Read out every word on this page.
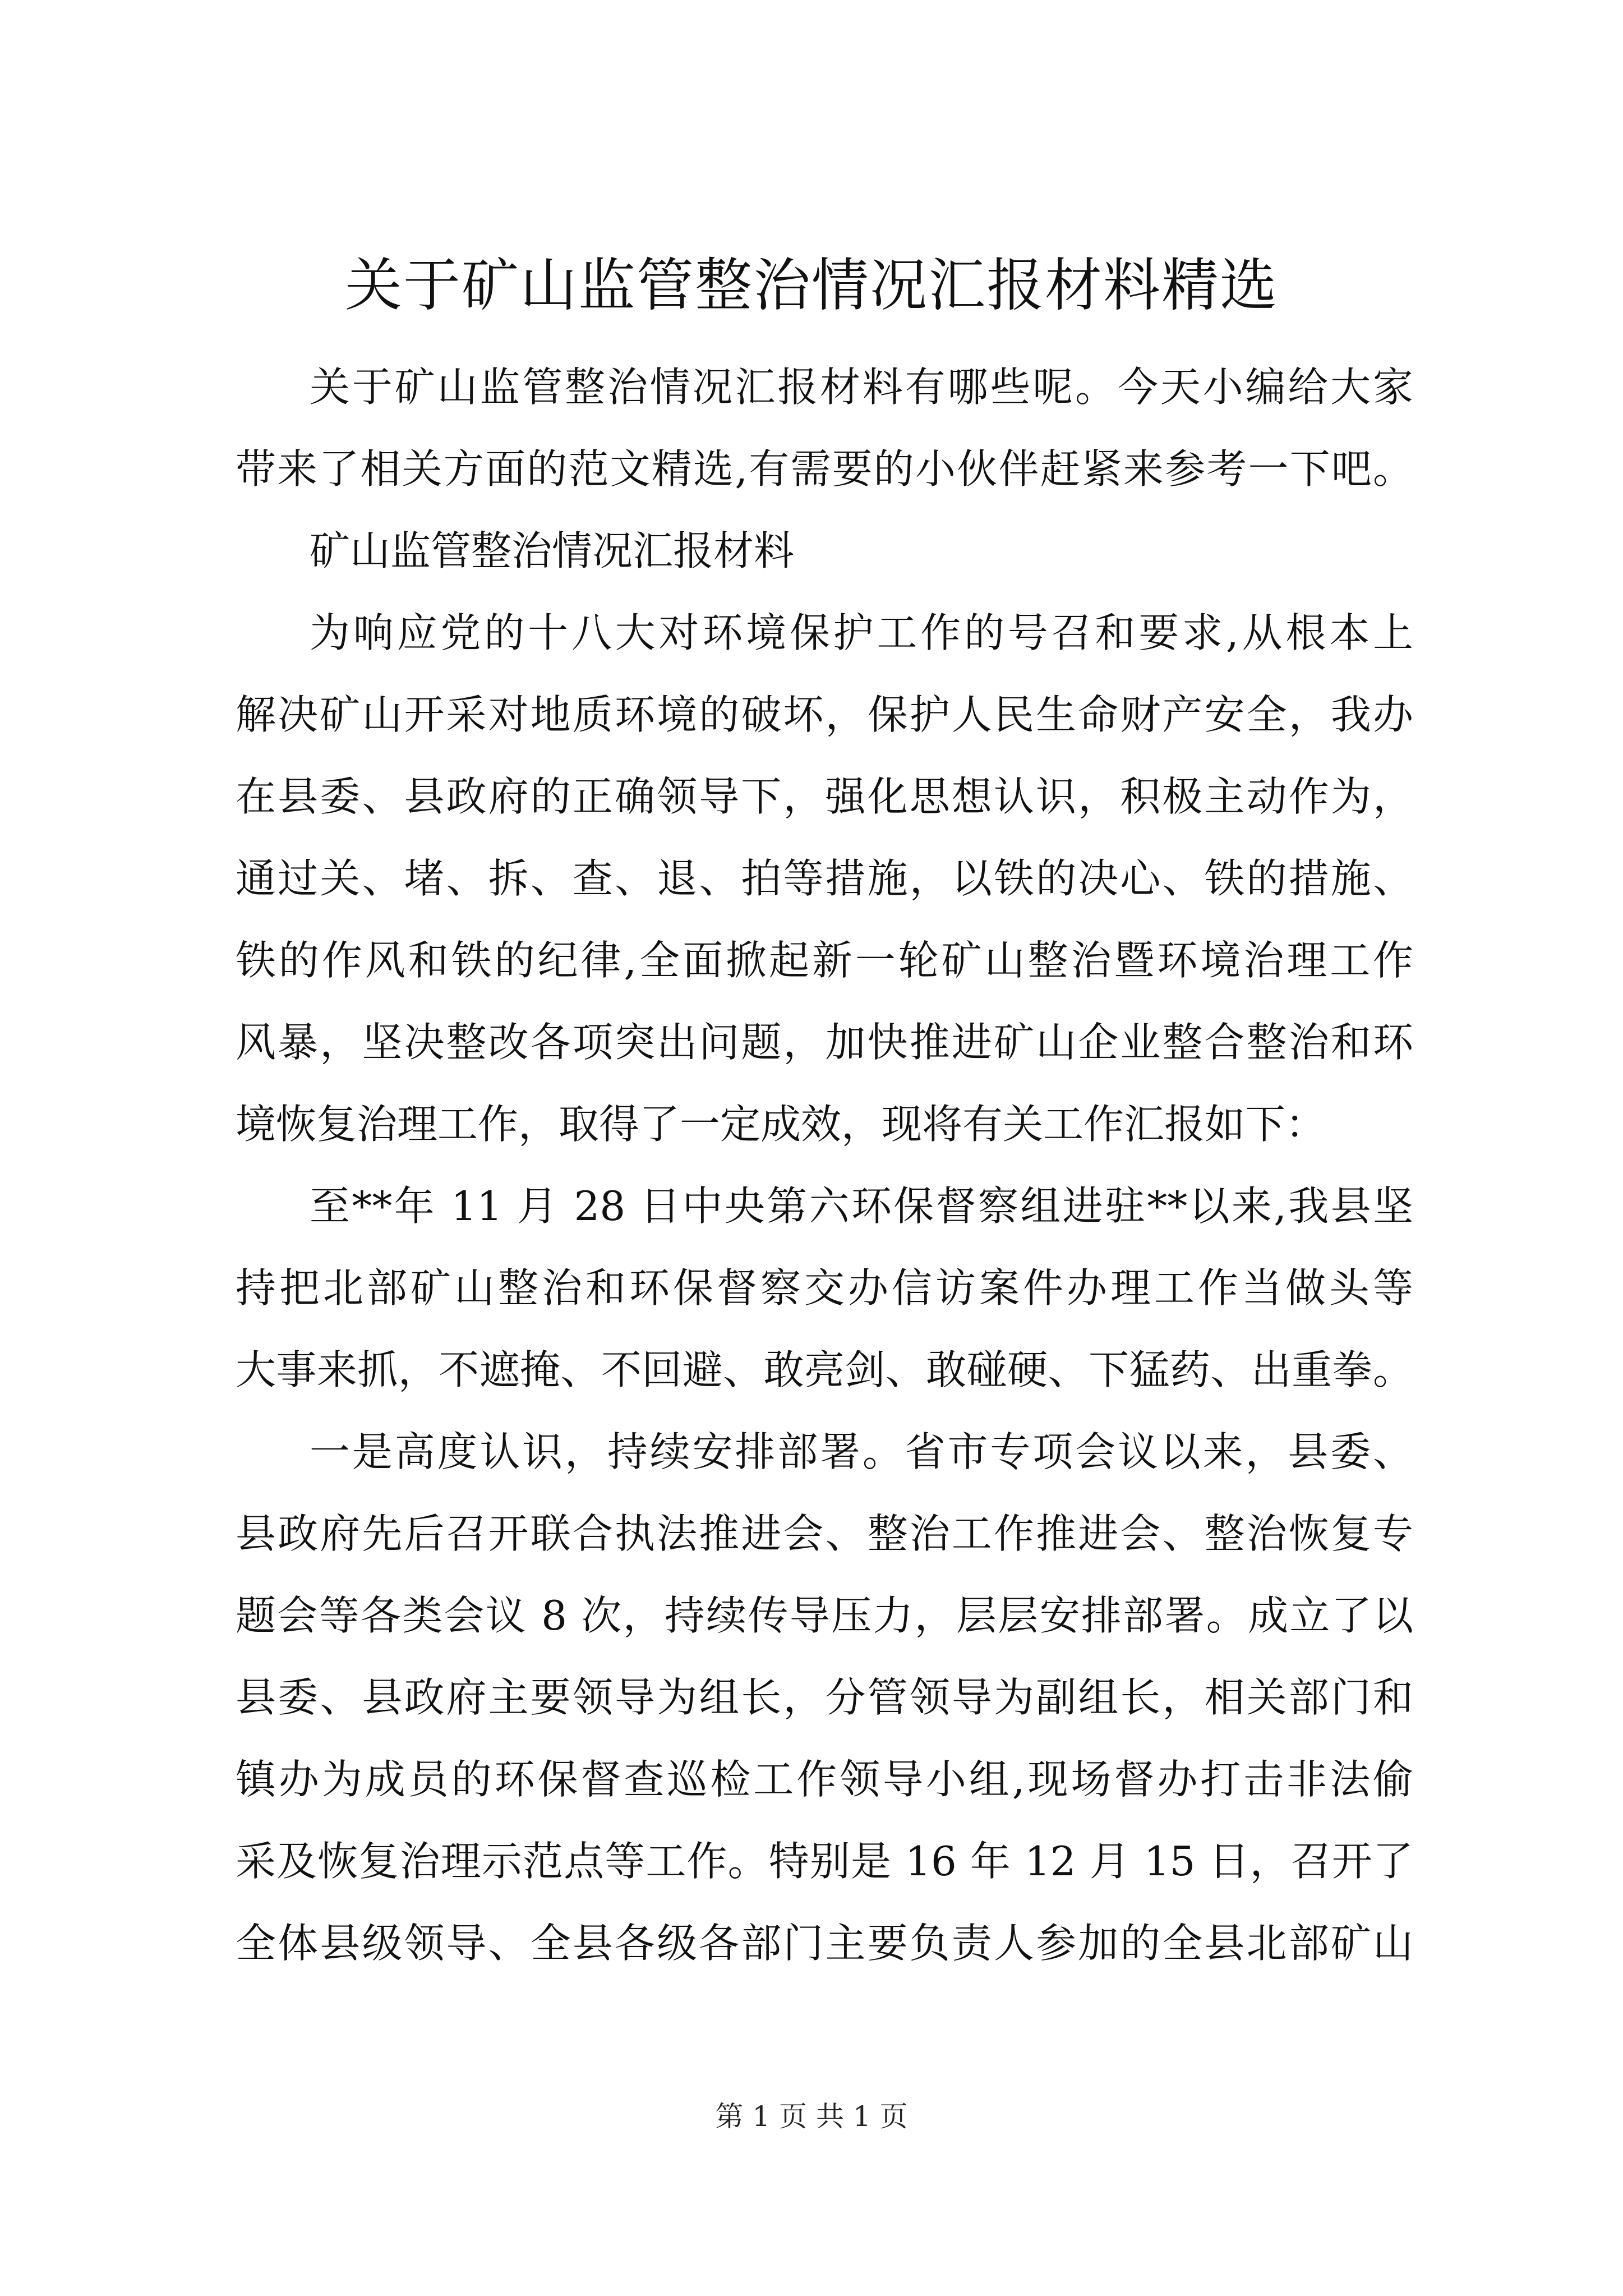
关于矿山监管整治情况汇报材料精选
关于矿山监管整治情况汇报材料有哪些呢。今天小编给大家
带来了相关方面的范文精选,有需要的小伙伴赶紧来参考一下吧。
矿山监管整治情况汇报材料
为响应党的十八大对环境保护工作的号召和要求,从根本上
解决矿山开采对地质环境的破坏，保护人民生命财产安全，我办
在县委、县政府的正确领导下，强化思想认识，积极主动作为，
通过关、堵、拆、查、退、拍等措施，以铁的决心、铁的措施、
铁的作风和铁的纪律,全面掀起新一轮矿山整治暨环境治理工作
风暴，坚决整改各项突出问题，加快推进矿山企业整合整治和环
境恢复治理工作，取得了一定成效，现将有关工作汇报如下：
至**年 11 月 28 日中央第六环保督察组进驻**以来,我县坚
持把北部矿山整治和环保督察交办信访案件办理工作当做头等
大事来抓，不遮掩、不回避、敢亮剑、敢碰硬、下猛药、出重拳。
一是高度认识，持续安排部署。省市专项会议以来，县委、
县政府先后召开联合执法推进会、整治工作推进会、整治恢复专
题会等各类会议 8 次，持续传导压力，层层安排部署。成立了以
县委、县政府主要领导为组长，分管领导为副组长，相关部门和
镇办为成员的环保督查巡检工作领导小组,现场督办打击非法偷
采及恢复治理示范点等工作。特别是 16 年 12 月 15 日，召开了
全体县级领导、全县各级各部门主要负责人参加的全县北部矿山
第 1 页 共 1 页
